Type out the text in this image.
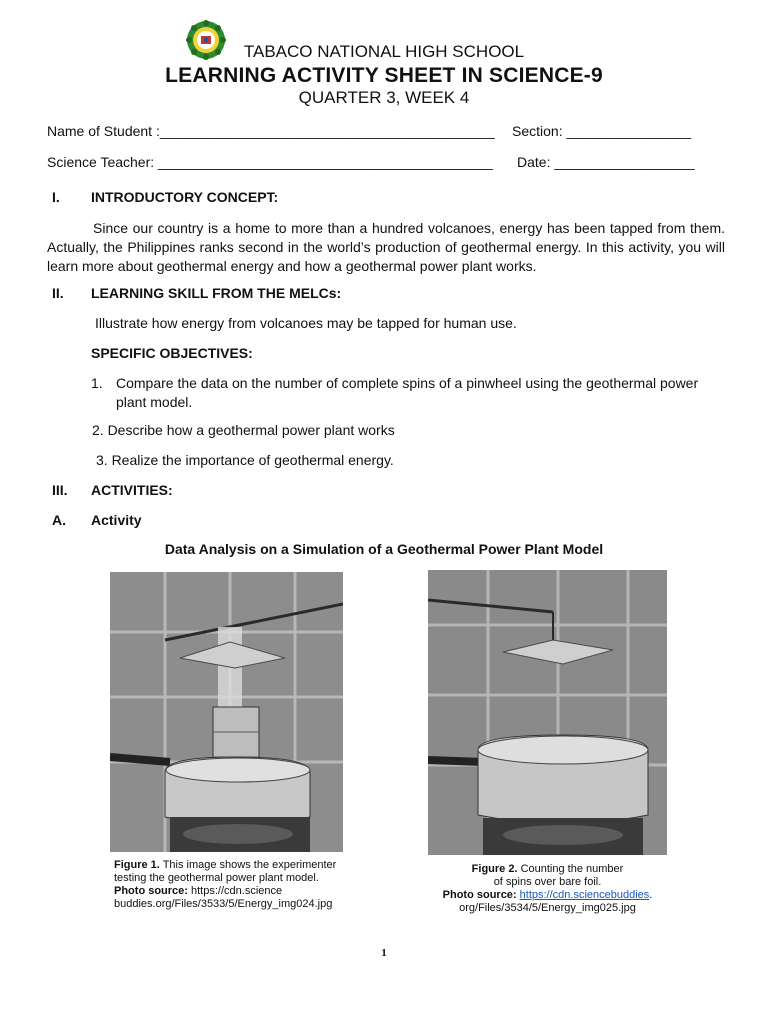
TABACO NATIONAL HIGH SCHOOL
LEARNING ACTIVITY SHEET IN SCIENCE-9
QUARTER 3, WEEK 4
Name of Student :___________________________________________ Section: ________________
Science Teacher: ___________________________________________ Date: __________________
I.	INTRODUCTORY CONCEPT:
Since our country is a home to more than a hundred volcanoes, energy has been tapped from them. Actually, the Philippines ranks second in the world’s production of geothermal energy. In this activity, you will learn more about geothermal energy and how a geothermal power plant works.
II.	LEARNING SKILL FROM THE MELCs:
Illustrate how energy from volcanoes may be tapped for human use.
SPECIFIC OBJECTIVES:
1. Compare the data on the number of complete spins of a pinwheel using the geothermal power
plant model.
2. Describe how a geothermal power plant works
3. Realize the importance of geothermal energy.
III.	ACTIVITIES:
A.	Activity
Data Analysis on a Simulation of a Geothermal Power Plant Model
Figure 1. This image shows the experimenter
testing the geothermal power plant model.
Photo source: https://cdn.science
buddies.org/Files/3533/5/Energy_img024.jpg
Figure 2. Counting the number
of spins over bare foil.
Photo source: https://cdn.sciencebuddies.
org/Files/3534/5/Energy_img025.jpg
1
